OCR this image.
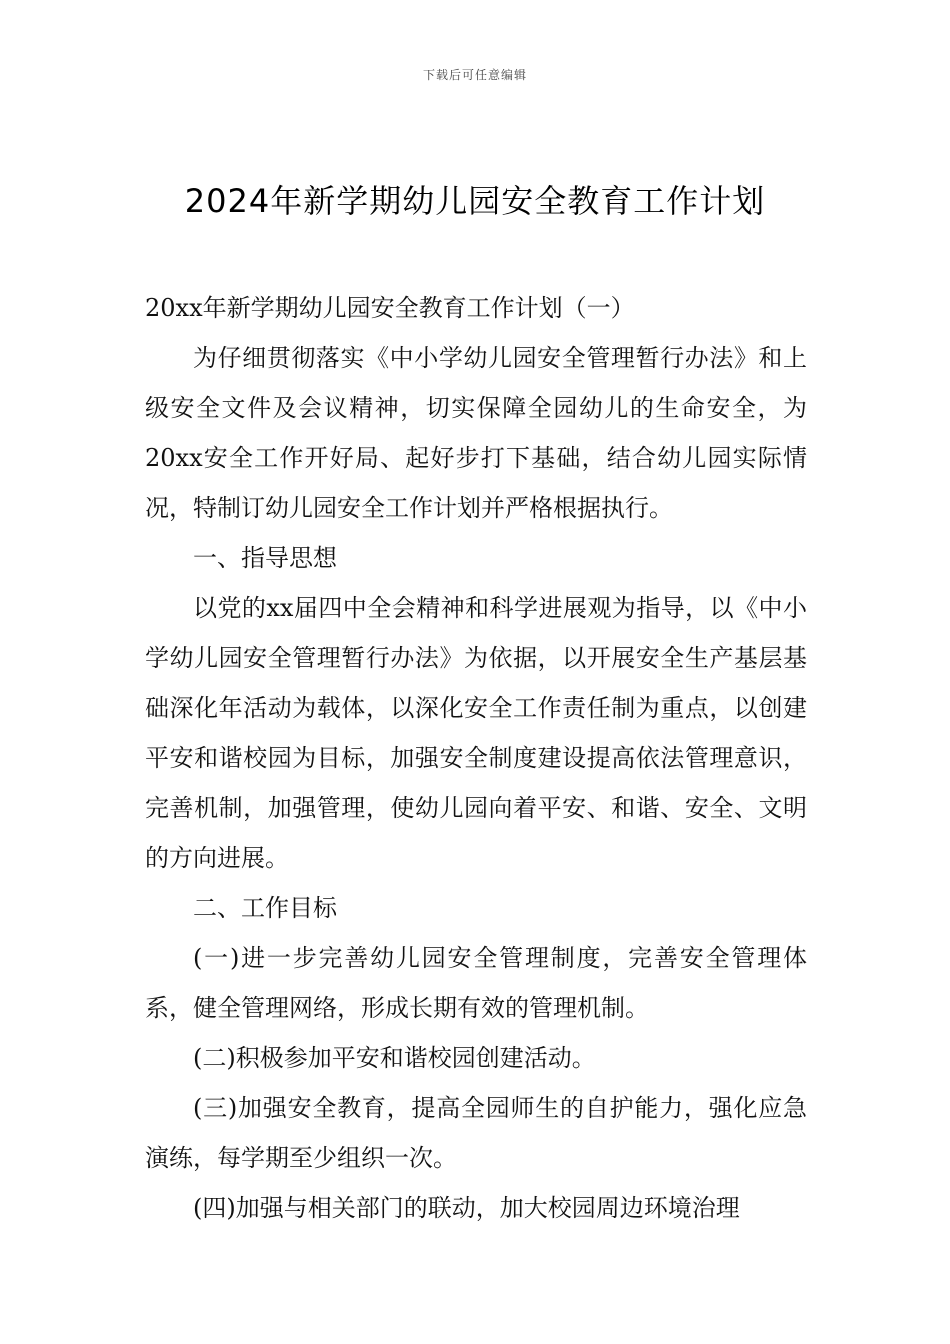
下载后可任意编辑
2024年新学期幼儿园安全教育工作计划

20xx年新学期幼儿园安全教育工作计划（一）

为仔细贯彻落实《中小学幼儿园安全管理暂行办法》和上级安全文件及会议精神，切实保障全园幼儿的生命安全，为20xx安全工作开好局、起好步打下基础，结合幼儿园实际情况，特制订幼儿园安全工作计划并严格根据执行。

一、指导思想

以党的xx届四中全会精神和科学进展观为指导，以《中小学幼儿园安全管理暂行办法》为依据，以开展安全生产基层基础深化年活动为载体，以深化安全工作责任制为重点，以创建平安和谐校园为目标，加强安全制度建设提高依法管理意识，完善机制，加强管理，使幼儿园向着平安、和谐、安全、文明的方向进展。

二、工作目标

(一)进一步完善幼儿园安全管理制度，完善安全管理体系，健全管理网络，形成长期有效的管理机制。

(二)积极参加平安和谐校园创建活动。

(三)加强安全教育，提高全园师生的自护能力，强化应急演练，每学期至少组织一次。

(四)加强与相关部门的联动，加大校园周边环境治理
